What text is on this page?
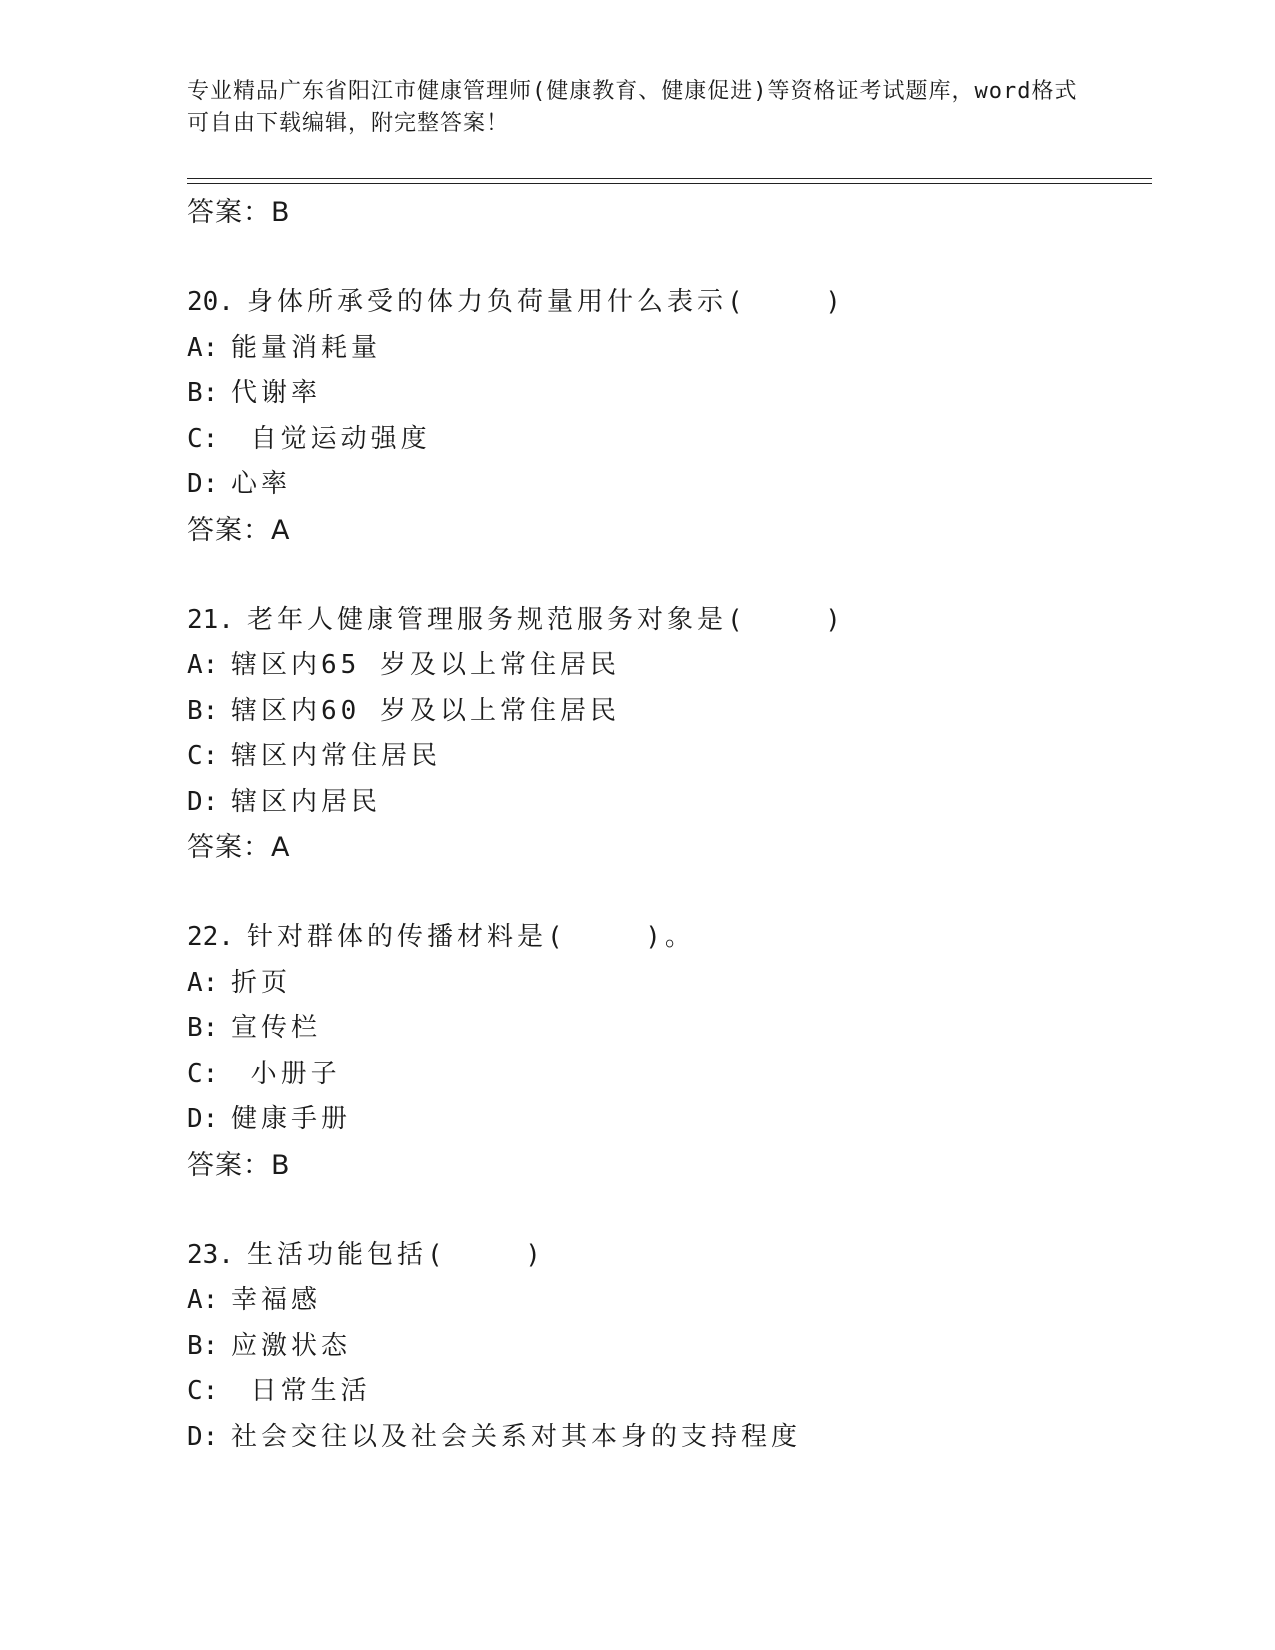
专业精品广东省阳江市健康管理师(健康教育、健康促进)等资格证考试题库，word格式可自由下载编辑，附完整答案！
答案：B
20. 身体所承受的体力负荷量用什么表示(    )
A: 能量消耗量
B: 代谢率
C: 自觉运动强度
D: 心率
答案：A
21. 老年人健康管理服务规范服务对象是(    )
A: 辖区内65 岁及以上常住居民
B: 辖区内60 岁及以上常住居民
C: 辖区内常住居民
D: 辖区内居民
答案：A
22. 针对群体的传播材料是(    )。
A: 折页
B: 宣传栏
C: 小册子
D: 健康手册
答案：B
23. 生活功能包括(    )
A: 幸福感
B: 应激状态
C: 日常生活
D: 社会交往以及社会关系对其本身的支持程度
